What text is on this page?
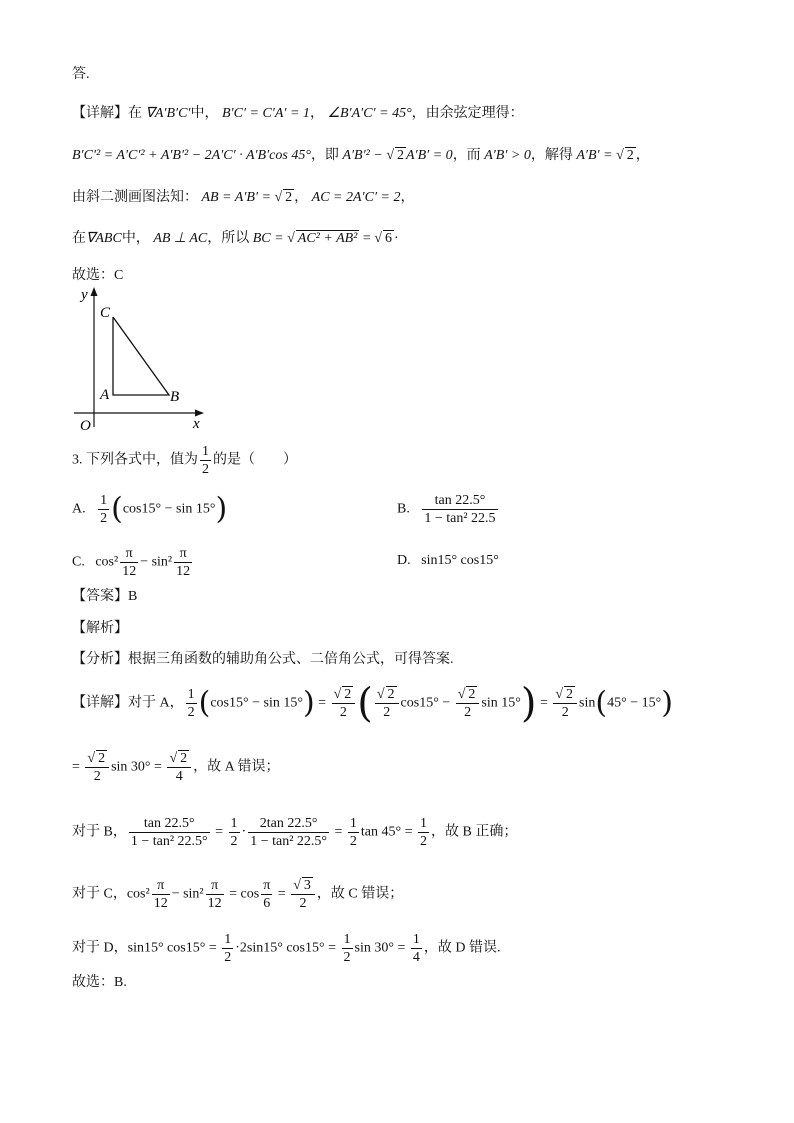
答.
【详解】在 ∇A′B′C′中， B′C′ = C′A′ = 1， ∠B′A′C′ = 45°，由余弦定理得：
B′C′² = A′C′² + A′B′² − 2A′C′ · A′B′cos 45°，即 A′B′² − √ 2 A′B′ = 0，而 A′B′ > 0，解得 A′B′ = √ 2 ，
由斜二测画图法知： AB = A′B′ = √ 2 ， AC = 2A′C′ = 2，
在∇ABC中， AB ⊥ AC，所以 BC = √ AC² + AB² = √ 6 ·
故选：C
y
C
A	B
O	x
3. 下列各式中，值为 $\frac{1}{2}$ 的是（　　）
A. $\frac{1}{2} (\cos 15^\circ - \sin 15^\circ)$	B. $\frac{\tan 22.5^\circ}{\text{1 − tan² 22.5}}$
C. $\cos^2 \frac{\pi}{12} - \sin^2 \frac{\pi}{12}$	D. sin15° cos15°
【答案】B
【解析】
【分析】根据三角函数的辅助角公式、二倍角公式，可得答案.
【详解】对于 A， $\frac{1}{2} (\cos 15^\circ - \sin 15^\circ) = \frac{√ 2}{2}$ ( $\frac{√ 2}{2} \cos 15^\circ - \frac{√ 2}{2}$ $\sin 15^\circ) = \frac{√ 2}{2} \sin(45^\circ - 15^\circ)$
= $\frac{√ 2}{2}$ $\sin 30^\circ = \frac{√ 2}{4}$ ，故 A 错误；
对于 B， $\frac{\tan 22.5^\circ}{\text{1 − tan² 22.5°}} = \frac{1}{2} \cdot \frac{2\tan 22.5^\circ}{\text{1 − tan² 22.5°}} = \frac{1}{2}$ $\tan 45^\circ = \frac{1}{2}$ ，故 B 正确；
对于 C，$\cos^2 \frac{\pi}{12} - \sin^2 \frac{\pi}{12} = \cos \frac{\pi}{6} = \frac{√ 3}{2}$ ，故 C 错误；
对于 D，sin15° $\cos 15^\circ = \frac{1}{2} \cdot 2\sin 15^\circ$ $\cos 15^\circ = \frac{1}{2}$ $\sin 30^\circ = \frac{1}{4}$ ，故 D 错误.
故选：B.
